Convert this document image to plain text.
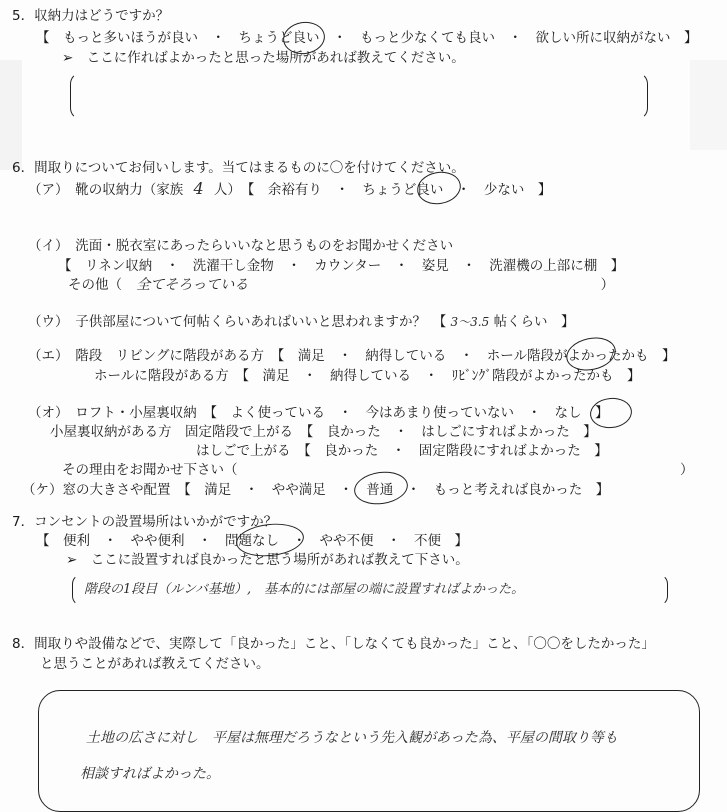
5．収納力はどうですか？
【　もっと多いほうが良い　・　ちょうど良い　・　もっと少なくても良い　・　欲しい所に収納がない　】
➢　ここに作ればよかったと思った場所があれば教えてください。
6．間取りについてお伺いします。当てはまるものに〇を付けてください。
（ア）　靴の収納力（家族 4 人）　【　余裕有り　・　ちょうど良い　・　少ない　】
（イ）　洗面・脱衣室にあったらいいなと思うものをお聞かせください
【　リネン収納　・　洗濯干し金物　・　カウンター　・　姿見　・　洗濯機の上部に棚　】
その他（ 全てそろっている	）
（ウ）　子供部屋について何帖くらいあればいいと思われますか？　【 3〜3.5 帖くらい　】
（エ）　階段　リビングに階段がある方　【　満足　・　納得している　・　ホール階段がよかったかも　】
ホールに階段がある方　【　満足　・　納得している　・　ﾘﾋﾞﾝｸﾞ階段がよかったかも　】
（オ）　ロフト・小屋裏収納　【　よく使っている　・　今はあまり使っていない　・　なし　】
小屋裏収納がある方　固定階段で上がる　【　良かった　・　はしごにすればよかった　】
はしごで上がる　【　良かった　・　固定階段にすればよかった　】
その理由をお聞かせ下さい（	）
（ケ）窓の大きさや配置　【　満足　・　やや満足　・　普通　・　もっと考えれば良かった　】
7．コンセントの設置場所はいかがですか？
【　便利　・　やや便利　・　問題なし　・　やや不便　・　不便　】
➢　ここに設置すれば良かったと思う場所があれば教えて下さい。
階段の1段目（ルンバ基地）,　基本的には部屋の端に設置すればよかった。
8．間取りや設備などで、実際して「良かった」こと、「しなくても良かった」こと、「〇〇をしたかった」
と思うことがあれば教えてください。
土地の広さに対し　平屋は無理だろうなという先入観があった為、平屋の間取り等も
相談すればよかった。
